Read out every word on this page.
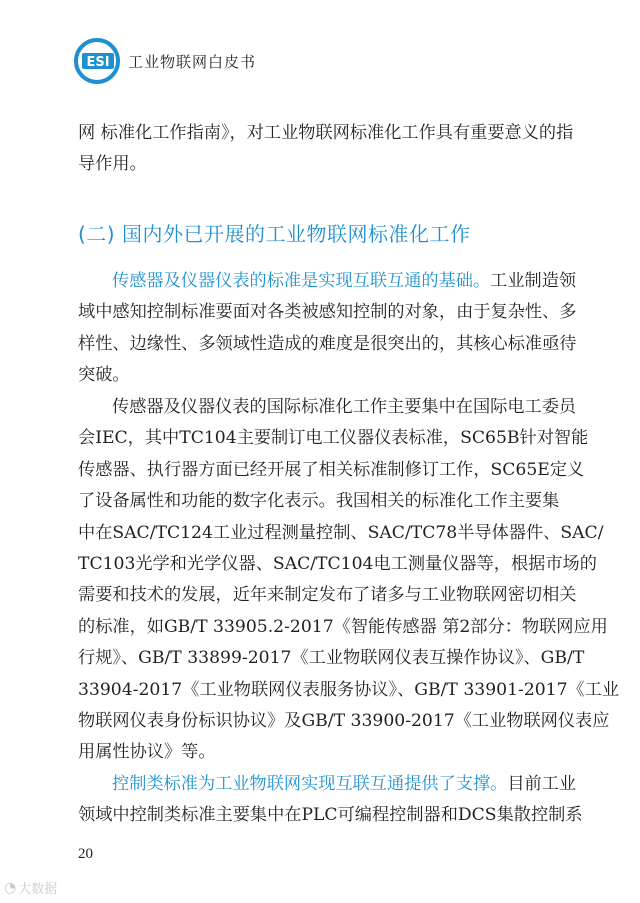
ESI 工业物联网白皮书
网 标准化工作指南》，对工业物联网标准化工作具有重要意义的指
导作用。
(二) 国内外已开展的工业物联网标准化工作
传感器及仪器仪表的标准是实现互联互通的基础。工业制造领
域中感知控制标准要面对各类被感知控制的对象，由于复杂性、多
样性、边缘性、多领域性造成的难度是很突出的，其核心标准亟待
突破。
传感器及仪器仪表的国际标准化工作主要集中在国际电工委员
会IEC，其中TC104主要制订电工仪器仪表标准，SC65B针对智能
传感器、执行器方面已经开展了相关标准制修订工作，SC65E定义
了设备属性和功能的数字化表示。我国相关的标准化工作主要集
中在SAC/TC124工业过程测量控制、SAC/TC78半导体器件、SAC/
TC103光学和光学仪器、SAC/TC104电工测量仪器等，根据市场的
需要和技术的发展，近年来制定发布了诸多与工业物联网密切相关
的标准，如GB/T 33905.2-2017《智能传感器 第2部分：物联网应用
行规》、GB/T 33899-2017《工业物联网仪表互操作协议》、GB/T
33904-2017《工业物联网仪表服务协议》、GB/T 33901-2017《工业
物联网仪表身份标识协议》及GB/T 33900-2017《工业物联网仪表应
用属性协议》等。
控制类标准为工业物联网实现互联互通提供了支撑。目前工业
领域中控制类标准主要集中在PLC可编程控制器和DCS集散控制系
20
◔ 大数据
